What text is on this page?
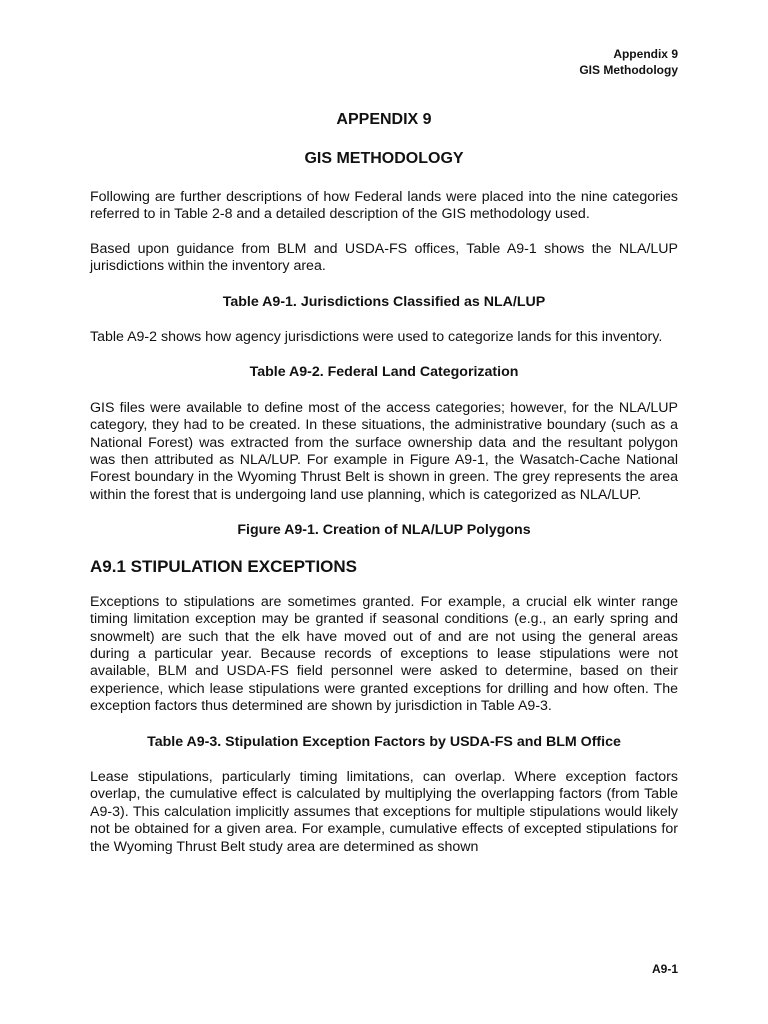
Appendix 9
GIS Methodology
APPENDIX 9
GIS METHODOLOGY

Following are further descriptions of how Federal lands were placed into the nine categories referred to in Table 2-8 and a detailed description of the GIS methodology used.

Based upon guidance from BLM and USDA-FS offices, Table A9-1 shows the NLA/LUP jurisdictions within the inventory area.

Table A9-1. Jurisdictions Classified as NLA/LUP

Table A9-2 shows how agency jurisdictions were used to categorize lands for this inventory.

Table A9-2. Federal Land Categorization

GIS files were available to define most of the access categories; however, for the NLA/LUP category, they had to be created. In these situations, the administrative boundary (such as a National Forest) was extracted from the surface ownership data and the resultant polygon was then attributed as NLA/LUP. For example in Figure A9-1, the Wasatch-Cache National Forest boundary in the Wyoming Thrust Belt is shown in green. The grey represents the area within the forest that is undergoing land use planning, which is categorized as NLA/LUP.

Figure A9-1. Creation of NLA/LUP Polygons

A9.1 STIPULATION EXCEPTIONS

Exceptions to stipulations are sometimes granted. For example, a crucial elk winter range timing limitation exception may be granted if seasonal conditions (e.g., an early spring and snowmelt) are such that the elk have moved out of and are not using the general areas during a particular year. Because records of exceptions to lease stipulations were not available, BLM and USDA-FS field personnel were asked to determine, based on their experience, which lease stipulations were granted exceptions for drilling and how often. The exception factors thus determined are shown by jurisdiction in Table A9-3.

Table A9-3. Stipulation Exception Factors by USDA-FS and BLM Office

Lease stipulations, particularly timing limitations, can overlap. Where exception factors overlap, the cumulative effect is calculated by multiplying the overlapping factors (from Table A9-3). This calculation implicitly assumes that exceptions for multiple stipulations would likely not be obtained for a given area. For example, cumulative effects of excepted stipulations for the Wyoming Thrust Belt study area are determined as shown

A9-1
